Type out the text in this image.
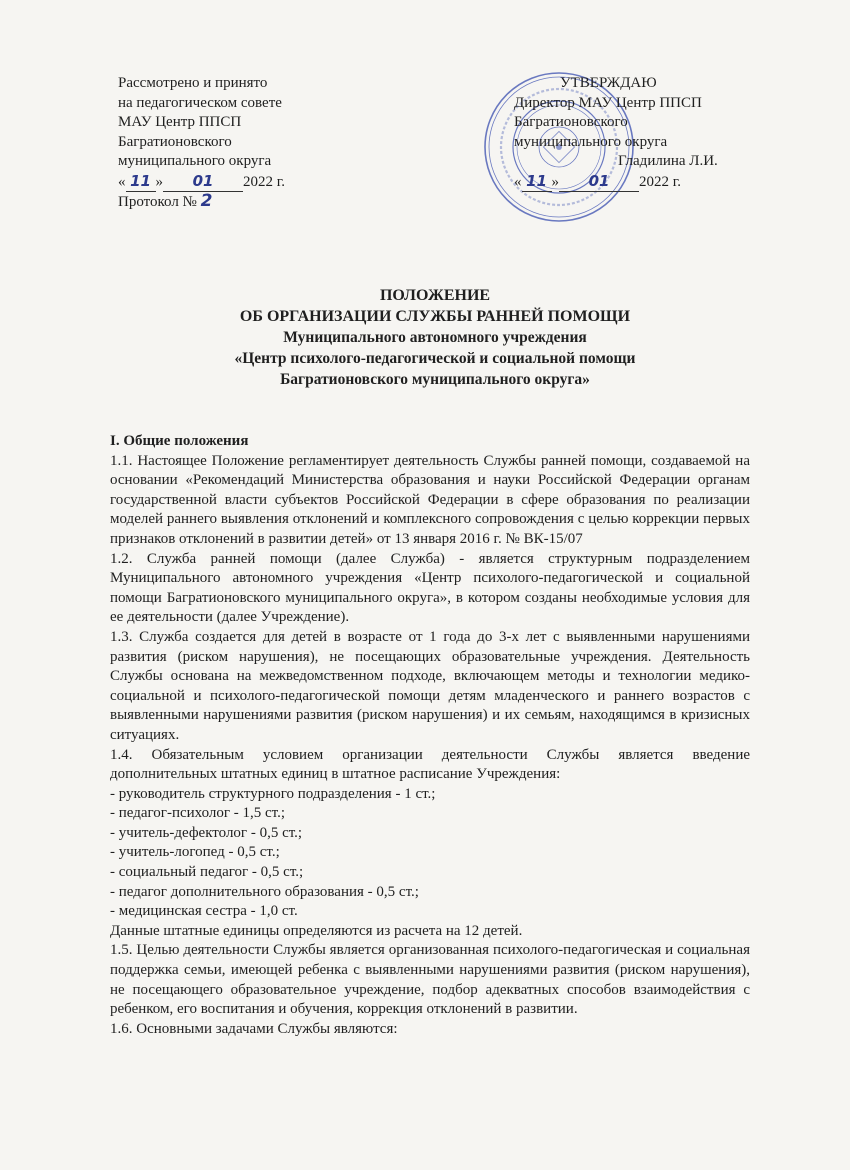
Рассмотрено и принято
на педагогическом совете
МАУ Центр ППСП
Багратионовского
муниципального округа
« 11 » 01 2022 г.
Протокол № 2
УТВЕРЖДАЮ
Директор МАУ Центр ППСП
Багратионовского
муниципального округа
Гладилина Л.И.
« 11 » 01 2022 г.
ПОЛОЖЕНИЕ
ОБ ОРГАНИЗАЦИИ СЛУЖБЫ РАННЕЙ ПОМОЩИ
Муниципального автономного учреждения
«Центр психолого-педагогической и социальной помощи
Багратионовского муниципального округа»

I. Общие положения

1.1. Настоящее Положение регламентирует деятельность Службы ранней помощи, создаваемой на основании «Рекомендаций Министерства образования и науки Российской Федерации органам государственной власти субъектов Российской Федерации в сфере образования по реализации моделей раннего выявления отклонений и комплексного сопровождения с целью коррекции первых признаков отклонений в развитии детей» от 13 января 2016 г. № ВК-15/07

1.2. Служба ранней помощи (далее Служба) - является структурным подразделением Муниципального автономного учреждения «Центр психолого-педагогической и социальной помощи Багратионовского муниципального округа», в котором созданы необходимые условия для ее деятельности (далее Учреждение).

1.3. Служба создается для детей в возрасте от 1 года до 3-х лет с выявленными нарушениями развития (риском нарушения), не посещающих образовательные учреждения. Деятельность Службы основана на межведомственном подходе, включающем методы и технологии медико-социальной и психолого-педагогической помощи детям младенческого и раннего возрастов с выявленными нарушениями развития (риском нарушения) и их семьям, находящимся в кризисных ситуациях.

1.4. Обязательным условием организации деятельности Службы является введение дополнительных штатных единиц в штатное расписание Учреждения:

- руководитель структурного подразделения - 1 ст.;

- педагог-психолог - 1,5 ст.;

- учитель-дефектолог - 0,5 ст.;

- учитель-логопед - 0,5 ст.;

- социальный педагог - 0,5 ст.;

- педагог дополнительного образования - 0,5 ст.;

- медицинская сестра - 1,0 ст.

Данные штатные единицы определяются из расчета на 12 детей.

1.5. Целью деятельности Службы является организованная психолого-педагогическая и социальная поддержка семьи, имеющей ребенка с выявленными нарушениями развития (риском нарушения), не посещающего образовательное учреждение, подбор адекватных способов взаимодействия с ребенком, его воспитания и обучения, коррекция отклонений в развитии.

1.6. Основными задачами Службы являются:
